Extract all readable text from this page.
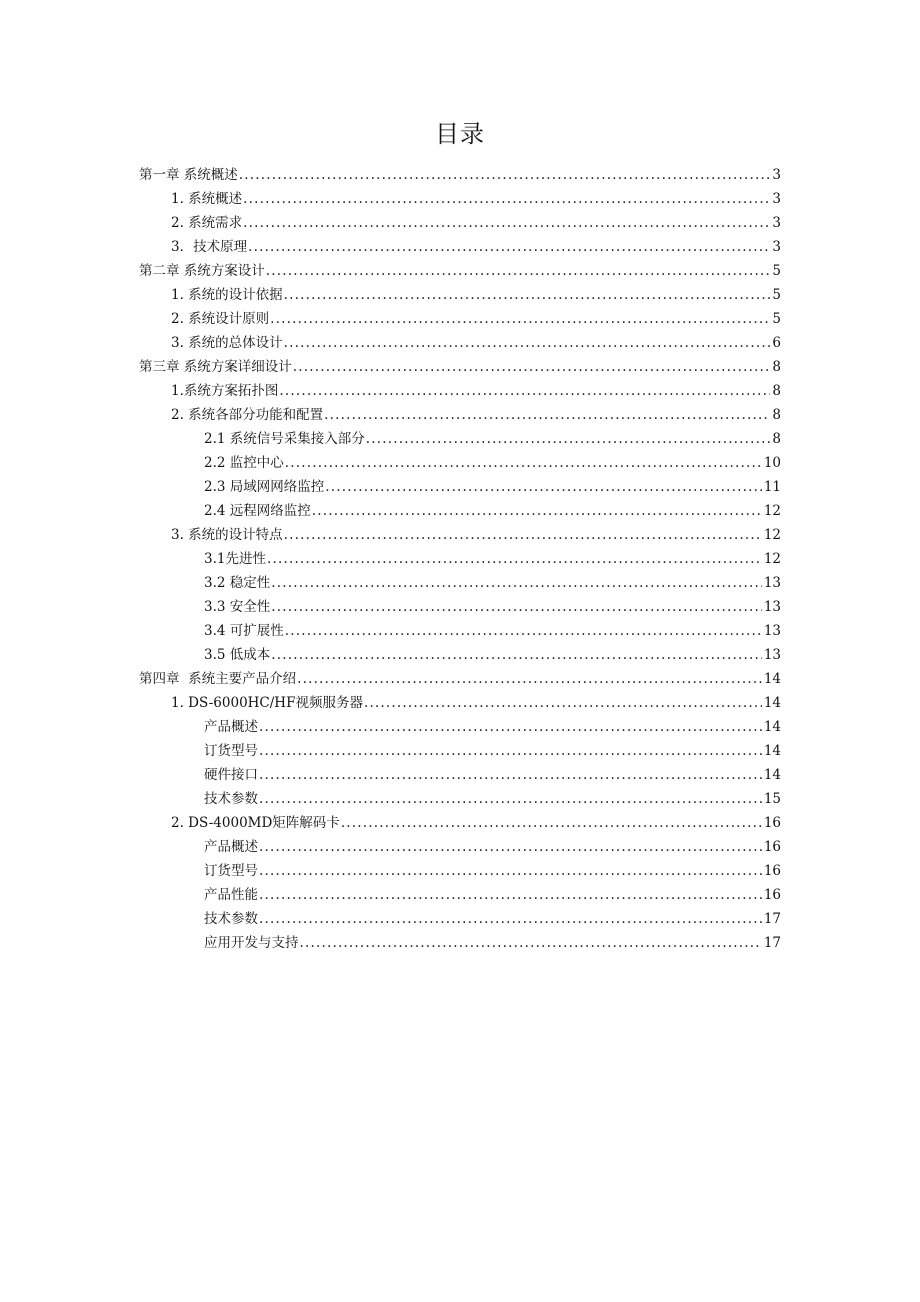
目录
第一章 系统概述 .....	3
1. 系统概述 .....	3
2. 系统需求 .....	3
3．技术原理 .....	3
第二章 系统方案设计 .....	5
1. 系统的设计依据 .....	5
2. 系统设计原则 .....	5
3. 系统的总体设计 .....	6
第三章 系统方案详细设计 .....	8
1.系统方案拓扑图 .....	8
2. 系统各部分功能和配置 .....	8
2.1 系统信号采集接入部分 .....	8
2.2 监控中心 .....	10
2.3 局域网网络监控 .....	11
2.4 远程网络监控 .....	12
3. 系统的设计特点 .....	12
3.1先进性 .....	12
3.2 稳定性 .....	13
3.3 安全性 .....	13
3.4 可扩展性 .....	13
3.5 低成本 .....	13
第四章  系统主要产品介绍 .....	14
1. DS-6000HC/HF视频服务器 .....	14
产品概述 .....	14
订货型号 .....	14
硬件接口 .....	14
技术参数 .....	15
2. DS-4000MD矩阵解码卡 .....	16
产品概述 .....	16
订货型号 .....	16
产品性能 .....	16
技术参数 .....	17
应用开发与支持 .....	17
